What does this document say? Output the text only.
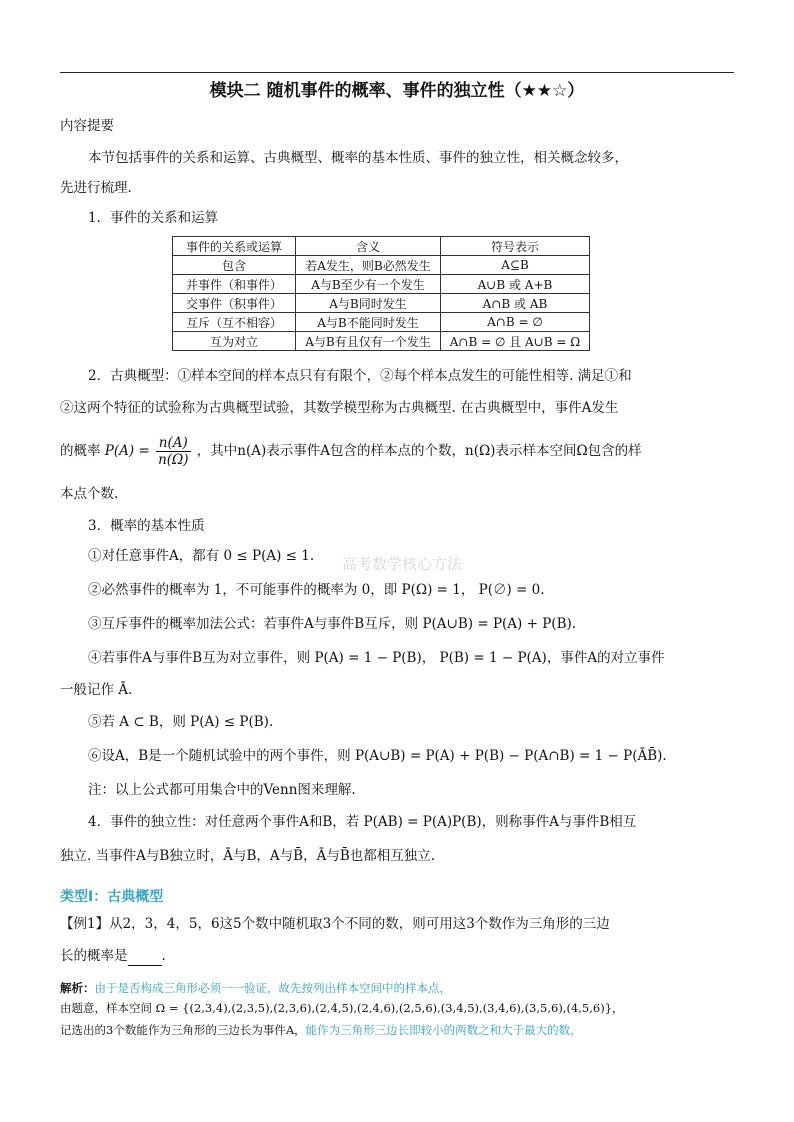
模块二 随机事件的概率、事件的独立性（★★☆）
内容提要
本节包括事件的关系和运算、古典概型、概率的基本性质、事件的独立性，相关概念较多，
先进行梳理.
1．事件的关系和运算
事件的关系或运算	含义	符号表示
包含	若A发生，则B必然发生	A⊆B
并事件（和事件）	A与B至少有一个发生	A∪B 或 A+B
交事件（积事件）	A与B同时发生	A∩B 或 AB
互斥（互不相容）	A与B不能同时发生	A∩B = ∅
互为对立	A与B有且仅有一个发生	A∩B = ∅ 且 A∪B = Ω
2．古典概型：①样本空间的样本点只有有限个，②每个样本点发生的可能性相等. 满足①和
②这两个特征的试验称为古典概型试验，其数学模型称为古典概型. 在古典概型中，事件A发生
的概率 $P(A) = \frac{n(A)}{n(\Omega)}$ ，其中n(A)表示事件A包含的样本点的个数，n(Ω)表示样本空间Ω包含的样
本点个数.
3．概率的基本性质
①对任意事件A，都有 0 ≤ P(A) ≤ 1. 高考数学核心方法
②必然事件的概率为 1，不可能事件的概率为 0，即 P(Ω) = 1， P(∅) = 0.
③互斥事件的概率加法公式：若事件A与事件B互斥，则 P(A∪B) = P(A) + P(B).
④若事件A与事件B互为对立事件，则 P(A) = 1 − P(B)， P(B) = 1 − P(A)，事件A的对立事件
一般记作 Ā.
⑤若 A ⊂ B，则 P(A) ≤ P(B).
⑥设A，B是一个随机试验中的两个事件，则 P(A∪B) = P(A) + P(B) − P(A∩B) = 1 − P(ĀB̄).
注：以上公式都可用集合中的Venn图来理解.
4．事件的独立性：对任意两个事件A和B，若 P(AB) = P(A)P(B)，则称事件A与事件B相互
独立. 当事件A与B独立时，Ā与B，A与B̄，Ā与B̄也都相互独立.
类型Ⅰ：古典概型
【例1】从2，3，4，5，6这5个数中随机取3个不同的数，则可用这3个数作为三角形的三边
长的概率是	.
解析：由于是否构成三角形必须一一验证，故先按列出样本空间中的样本点，
由题意，样本空间 Ω = {(2,3,4),(2,3,5),(2,3,6),(2,4,5),(2,4,6),(2,5,6),(3,4,5),(3,4,6),(3,5,6),(4,5,6)}，
记选出的3个数能作为三角形的三边长为事件A，能作为三角形三边长即较小的两数之和大于最大的数，
